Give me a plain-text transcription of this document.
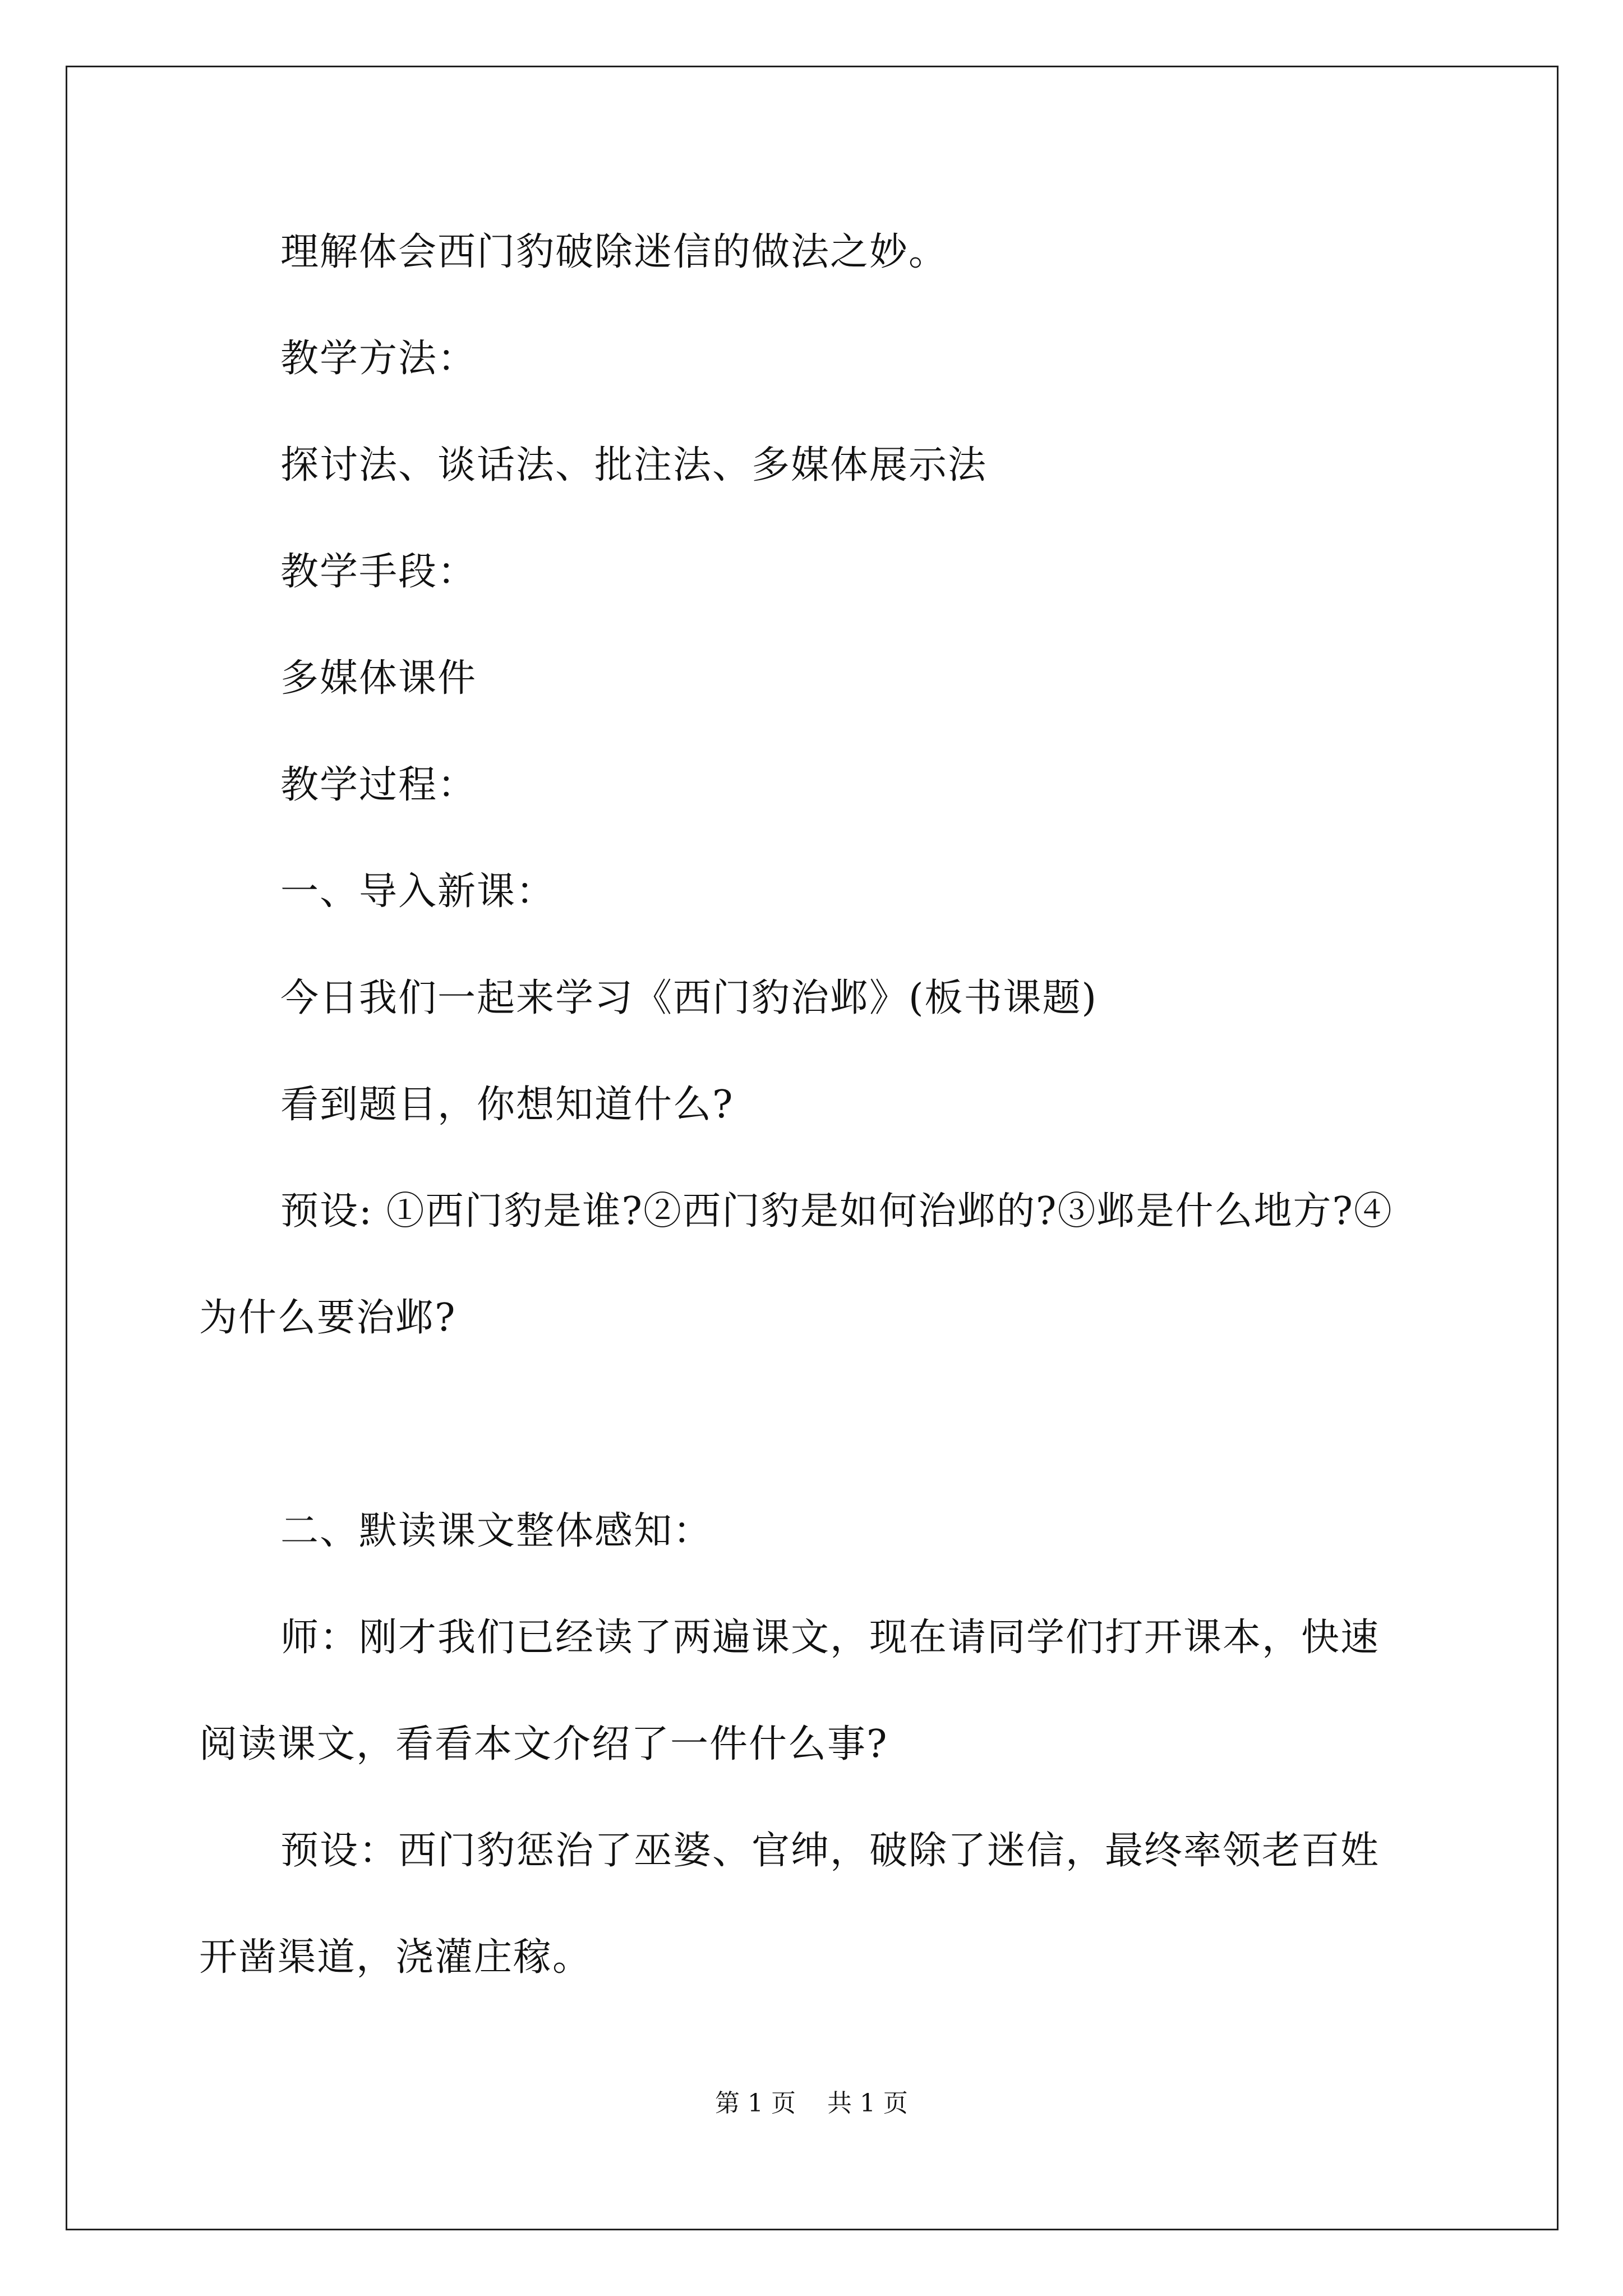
理解体会西门豹破除迷信的做法之妙。
教学方法：
探讨法、谈话法、批注法、多媒体展示法
教学手段：
多媒体课件
教学过程：
一、导入新课：
今日我们一起来学习《西门豹治邺》(板书课题)
看到题目，你想知道什么?
预设: ①西门豹是谁?②西门豹是如何治邺的?③邺是什么地方?④
为什么要治邺?
二、默读课文整体感知：
师：刚才我们已经读了两遍课文，现在请同学们打开课本，快速
阅读课文，看看本文介绍了一件什么事?
预设：西门豹惩治了巫婆、官绅，破除了迷信，最终率领老百姓
开凿渠道，浇灌庄稼。
第 1 页    共 1 页
